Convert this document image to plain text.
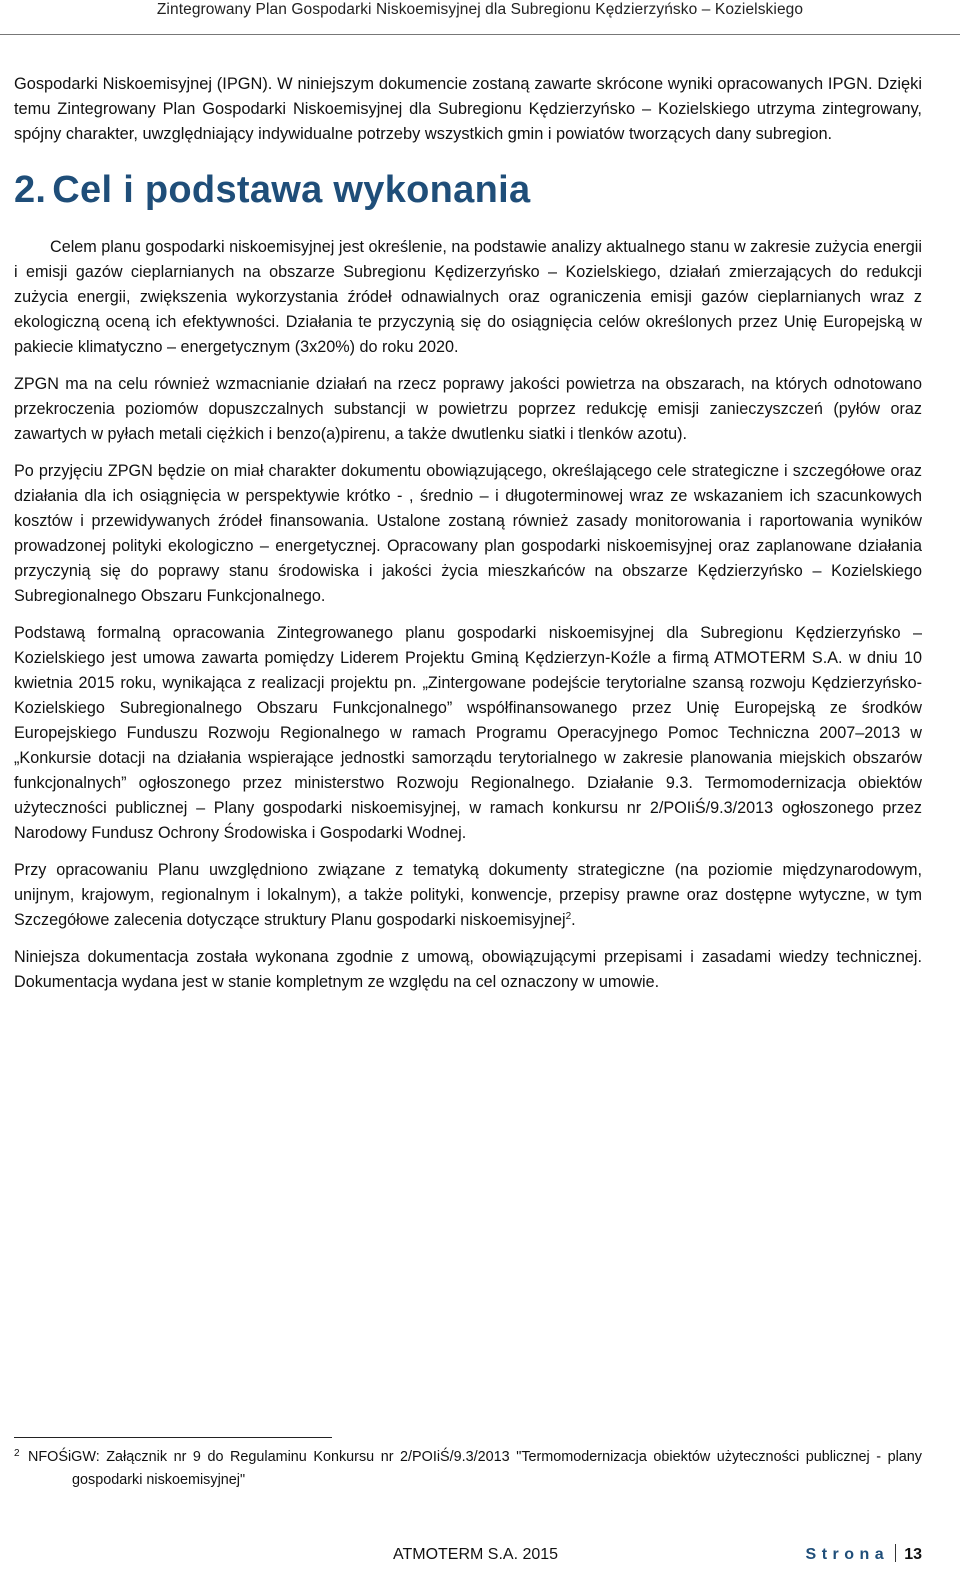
Zintegrowany Plan Gospodarki Niskoemisyjnej dla Subregionu Kędzierzyńsko – Kozielskiego

Gospodarki Niskoemisyjnej (IPGN). W niniejszym dokumencie zostaną zawarte skrócone wyniki opracowanych IPGN. Dzięki temu Zintegrowany Plan Gospodarki Niskoemisyjnej dla Subregionu Kędzierzyńsko – Kozielskiego utrzyma zintegrowany, spójny charakter, uwzględniający indywidualne potrzeby wszystkich gmin i powiatów tworzących dany subregion.

2. Cel i podstawa wykonania

Celem planu gospodarki niskoemisyjnej jest określenie, na podstawie analizy aktualnego stanu w zakresie zużycia energii i emisji gazów cieplarnianych na obszarze Subregionu Kędizerzyńsko – Kozielskiego, działań zmierzających do redukcji zużycia energii, zwiększenia wykorzystania źródeł odnawialnych oraz ograniczenia emisji gazów cieplarnianych wraz z ekologiczną oceną ich efektywności. Działania te przyczynią się do osiągnięcia celów określonych przez Unię Europejską w pakiecie klimatyczno – energetycznym (3x20%) do roku 2020.

ZPGN ma na celu również wzmacnianie działań na rzecz poprawy jakości powietrza na obszarach, na których odnotowano przekroczenia poziomów dopuszczalnych substancji w powietrzu poprzez redukcję emisji zanieczyszczeń (pyłów oraz zawartych w pyłach metali ciężkich i benzo(a)pirenu, a także dwutlenku siatki i tlenków azotu).

Po przyjęciu ZPGN będzie on miał charakter dokumentu obowiązującego, określającego cele strategiczne i szczegółowe oraz działania dla ich osiągnięcia w perspektywie krótko - , średnio – i długoterminowej wraz ze wskazaniem ich szacunkowych kosztów i przewidywanych źródeł finansowania. Ustalone zostaną również zasady monitorowania i raportowania wyników prowadzonej polityki ekologiczno – energetycznej. Opracowany plan gospodarki niskoemisyjnej oraz zaplanowane działania przyczynią się do poprawy stanu środowiska i jakości życia mieszkańców na obszarze Kędzierzyńsko – Kozielskiego Subregionalnego Obszaru Funkcjonalnego.

Podstawą formalną opracowania Zintegrowanego planu gospodarki niskoemisyjnej dla Subregionu Kędzierzyńsko – Kozielskiego jest umowa zawarta pomiędzy Liderem Projektu Gminą Kędzierzyn-Koźle a firmą ATMOTERM S.A. w dniu 10 kwietnia 2015 roku, wynikająca z realizacji projektu pn. „Zintergowane podejście terytorialne szansą rozwoju Kędzierzyńsko-Kozielskiego Subregionalnego Obszaru Funkcjonalnego” współfinansowanego przez Unię Europejską ze środków Europejskiego Funduszu Rozwoju Regionalnego w ramach Programu Operacyjnego Pomoc Techniczna 2007–2013 w „Konkursie dotacji na działania wspierające jednostki samorządu terytorialnego w zakresie planowania miejskich obszarów funkcjonalnych” ogłoszonego przez ministerstwo Rozwoju Regionalnego. Działanie 9.3. Termomodernizacja obiektów użyteczności publicznej – Plany gospodarki niskoemisyjnej, w ramach konkursu nr 2/POIiŚ/9.3/2013 ogłoszonego przez Narodowy Fundusz Ochrony Środowiska i Gospodarki Wodnej.

Przy opracowaniu Planu uwzględniono związane z tematyką dokumenty strategiczne (na poziomie międzynarodowym, unijnym, krajowym, regionalnym i lokalnym), a także polityki, konwencje, przepisy prawne oraz dostępne wytyczne, w tym Szczegółowe zalecenia dotyczące struktury Planu gospodarki niskoemisyjnej$^2$.

Niniejsza dokumentacja została wykonana zgodnie z umową, obowiązującymi przepisami i zasadami wiedzy technicznej. Dokumentacja wydana jest w stanie kompletnym ze względu na cel oznaczony w umowie.

2 NFOŚiGW: Załącznik nr 9 do Regulaminu Konkursu nr 2/POIiŚ/9.3/2013 "Termomodernizacja obiektów użyteczności publicznej - plany gospodarki niskoemisyjnej"
ATMOTERM S.A. 2015	Strona 13
